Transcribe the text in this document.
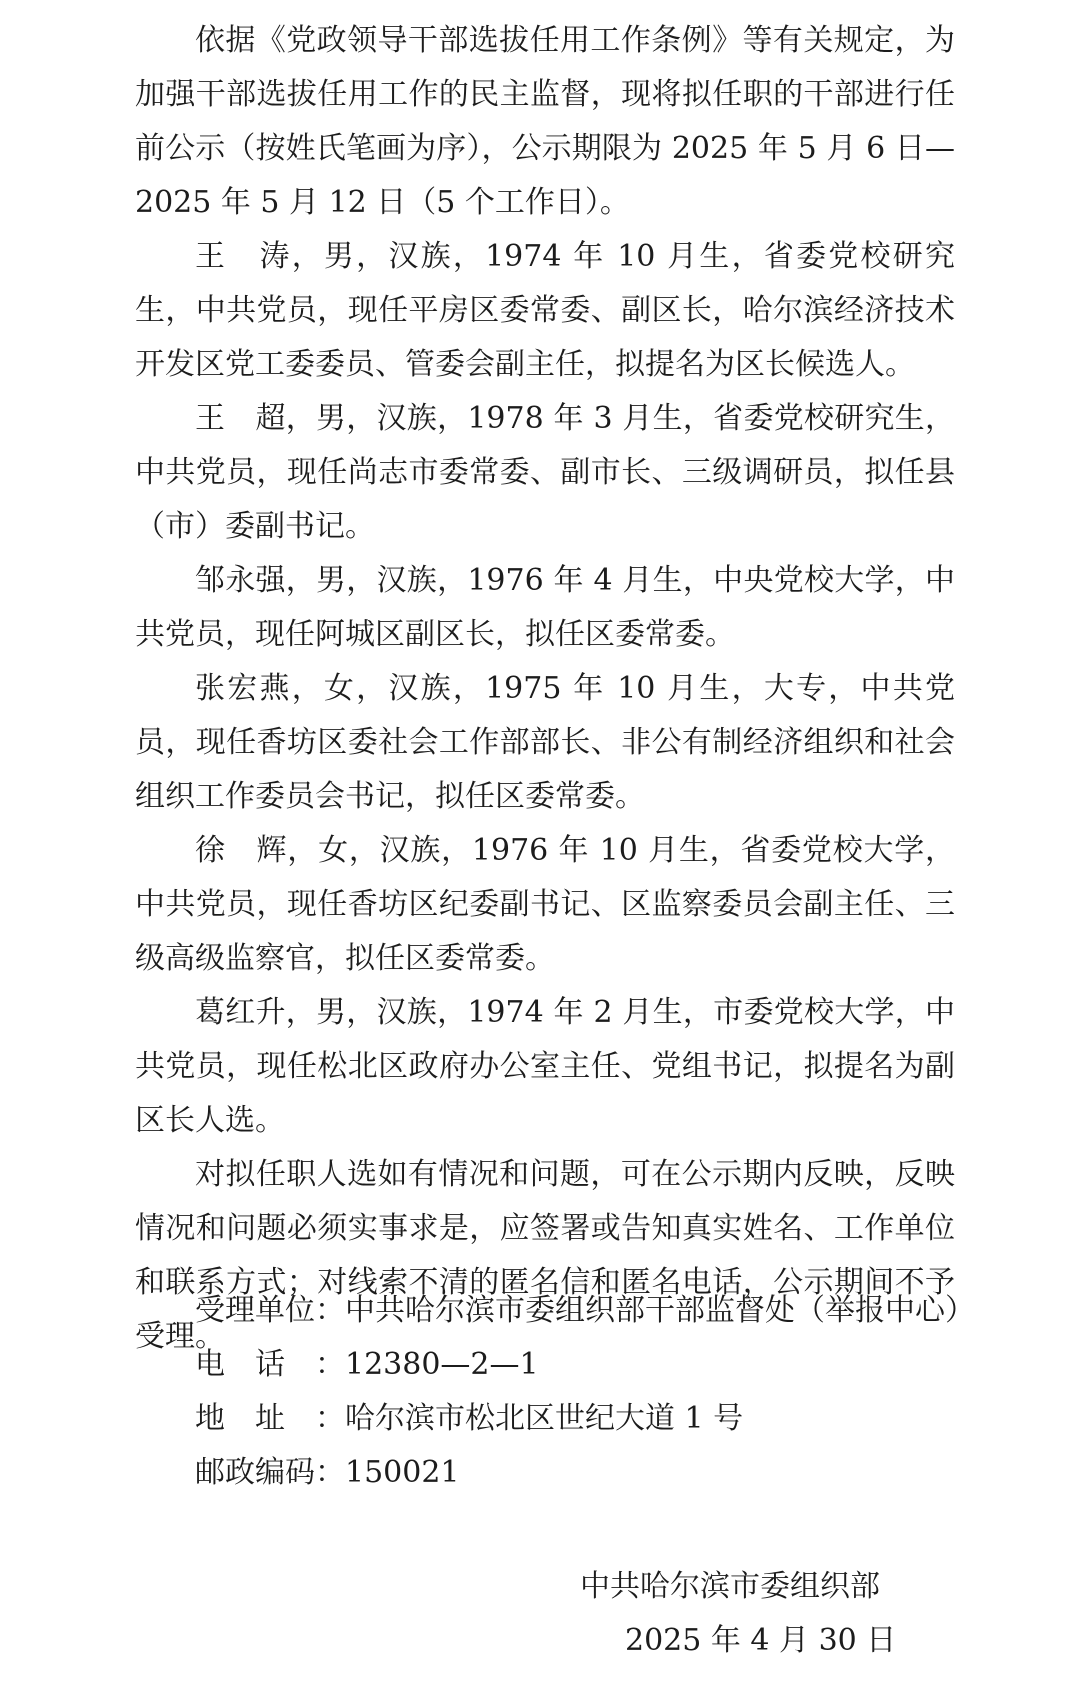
依据《党政领导干部选拔任用工作条例》等有关规定，为加强干部选拔任用工作的民主监督，现将拟任职的干部进行任前公示（按姓氏笔画为序），公示期限为 2025 年 5 月 6 日—2025 年 5 月 12 日（5 个工作日）。

王　涛，男，汉族，1974 年 10 月生，省委党校研究生，中共党员，现任平房区委常委、副区长，哈尔滨经济技术开发区党工委委员、管委会副主任，拟提名为区长候选人。

王　超，男，汉族，1978 年 3 月生，省委党校研究生，中共党员，现任尚志市委常委、副市长、三级调研员，拟任县（市）委副书记。

邹永强，男，汉族，1976 年 4 月生，中央党校大学，中共党员，现任阿城区副区长，拟任区委常委。

张宏燕，女，汉族，1975 年 10 月生，大专，中共党员，现任香坊区委社会工作部部长、非公有制经济组织和社会组织工作委员会书记，拟任区委常委。

徐　辉，女，汉族，1976 年 10 月生，省委党校大学，中共党员，现任香坊区纪委副书记、区监察委员会副主任、三级高级监察官，拟任区委常委。

葛红升，男，汉族，1974 年 2 月生，市委党校大学，中共党员，现任松北区政府办公室主任、党组书记，拟提名为副区长人选。

对拟任职人选如有情况和问题，可在公示期内反映，反映情况和问题必须实事求是，应签署或告知真实姓名、工作单位和联系方式；对线索不清的匿名信和匿名电话，公示期间不予受理。

受理单位：中共哈尔滨市委组织部干部监督处（举报中心）
电话：12380—2—1
地址：哈尔滨市松北区世纪大道 1 号
邮政编码：150021
中共哈尔滨市委组织部
2025 年 4 月 30 日
